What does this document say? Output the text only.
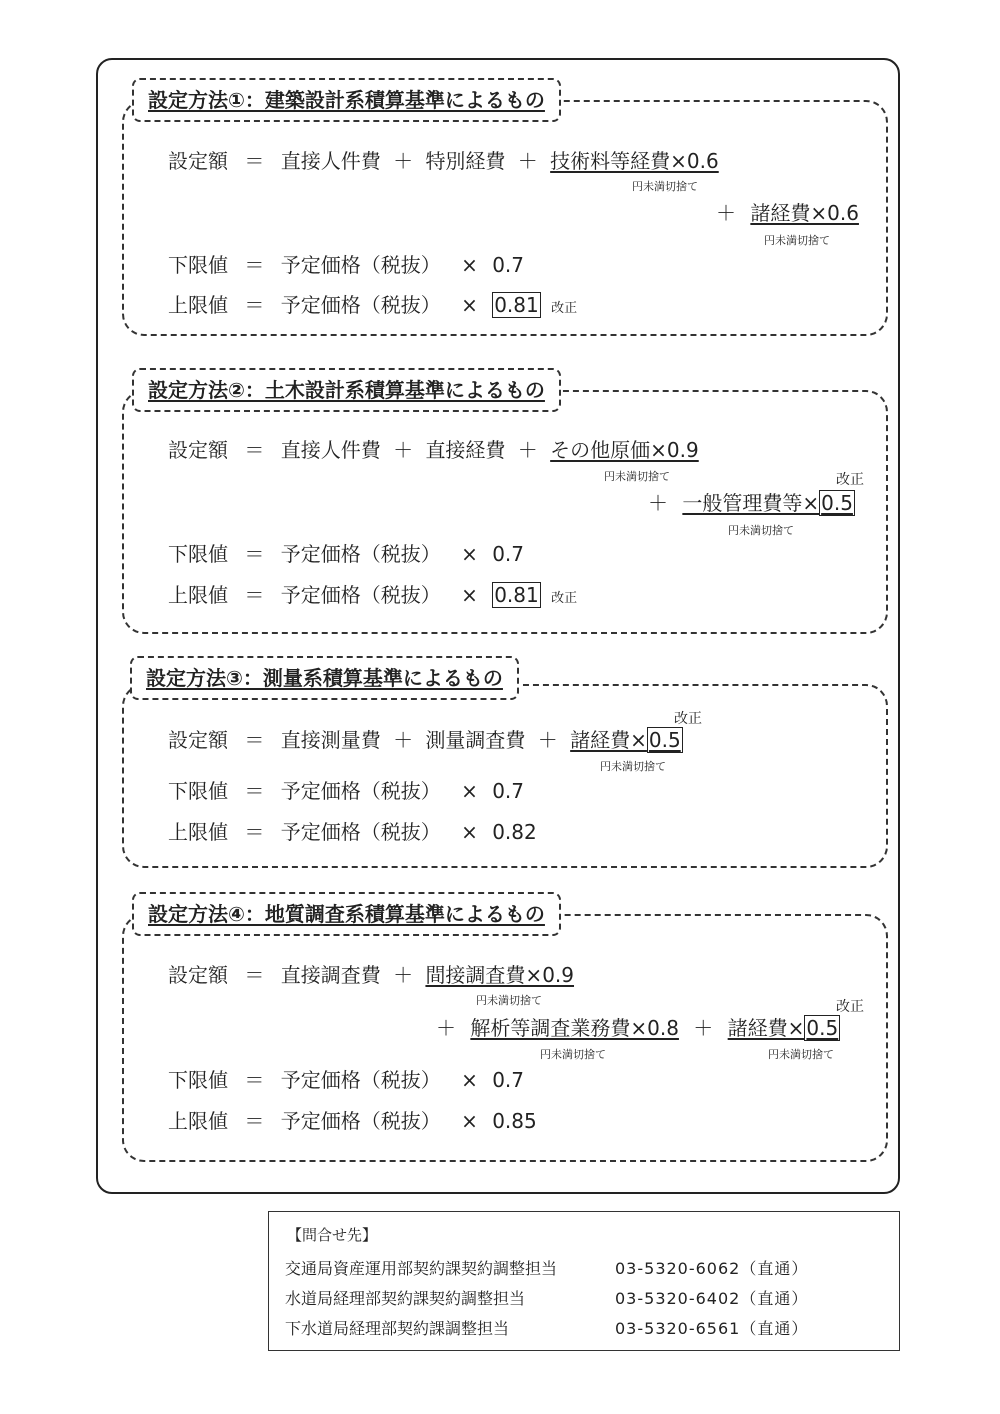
設定方法①：建築設計系積算基準によるもの
設定額 ＝ 直接人件費 ＋ 特別経費 ＋ 技術料等経費×0.6
円未満切捨て
＋ 諸経費×0.6
円未満切捨て
下限値 ＝ 予定価格（税抜） × 0.7
上限値 ＝ 予定価格（税抜） × 0.81 改正
設定方法②：土木設計系積算基準によるもの
設定額 ＝ 直接人件費 ＋ 直接経費 ＋ その他原価×0.9
円未満切捨て	改正
＋ 一般管理費等× 0.5
円未満切捨て
下限値 ＝ 予定価格（税抜） × 0.7
上限値 ＝ 予定価格（税抜） × 0.81 改正
設定方法③：測量系積算基準によるもの
改正
設定額 ＝ 直接測量費 ＋ 測量調査費 ＋ 諸経費× 0.5
円未満切捨て
下限値 ＝ 予定価格（税抜） × 0.7
上限値 ＝ 予定価格（税抜） × 0.82
設定方法④：地質調査系積算基準によるもの
設定額 ＝ 直接調査費 ＋ 間接調査費×0.9
円未満切捨て	改正
＋ 解析等調査業務費×0.8 ＋ 諸経費× 0.5
円未満切捨て	円未満切捨て
下限値 ＝ 予定価格（税抜） × 0.7
上限値 ＝ 予定価格（税抜） × 0.85
【問合せ先】
交通局資産運用部契約課契約調整担当	03-5320-6062（直通）
水道局経理部契約課契約調整担当	03-5320-6402（直通）
下水道局経理部契約課調整担当	03-5320-6561（直通）
